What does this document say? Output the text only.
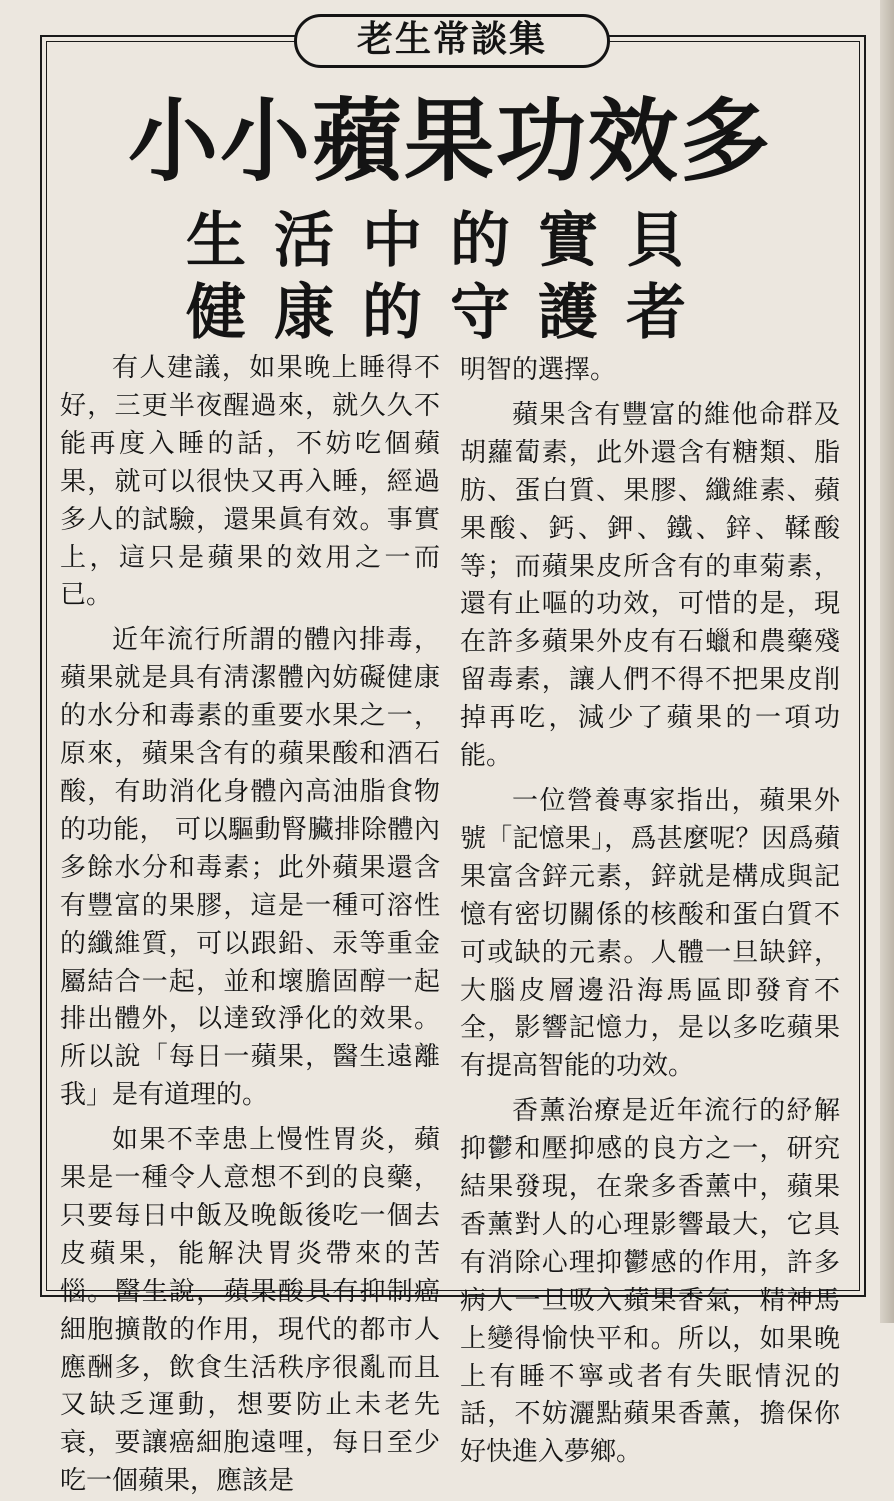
老生常談集
小小蘋果功效多
生活中的實貝
健康的守護者

有人建議，如果晚上睡得不好，三更半夜醒過來，就久久不能再度入睡的話，不妨吃個蘋果，就可以很快又再入睡，經過多人的試驗，還果眞有效。事實上，這只是蘋果的效用之一而已。

近年流行所謂的體內排毒，蘋果就是具有淸潔體內妨礙健康的水分和毒素的重要水果之一，原來，蘋果含有的蘋果酸和酒石酸，有助消化身體內高油脂食物的功能， 可以驅動腎臟排除體內多餘水分和毒素；此外蘋果還含有豐富的果膠，這是一種可溶性的纖維質，可以跟鉛、汞等重金屬結合一起，並和壞膽固醇一起排出體外，以達致淨化的效果。所以說「每日一蘋果，醫生遠離我」是有道理的。

如果不幸患上慢性胃炎，蘋果是一種令人意想不到的良藥，只要每日中飯及晚飯後吃一個去皮蘋果，能解決胃炎帶來的苦惱。醫生說，蘋果酸具有抑制癌細胞擴散的作用，現代的都市人應酬多，飲食生活秩序很亂而且又缺乏運動，想要防止未老先衰，要讓癌細胞遠哩，每日至少吃一個蘋果，應該是

明智的選擇。

蘋果含有豐富的維他命群及胡蘿蔔素，此外還含有糖類、脂肪、蛋白質、果膠、纖維素、蘋果酸、鈣、鉀、鐵、鋅、鞣酸等；而蘋果皮所含有的車菊素，還有止嘔的功效，可惜的是，現在許多蘋果外皮有石蠟和農藥殘留毒素，讓人們不得不把果皮削掉再吃，減少了蘋果的一項功能。

一位營養專家指出，蘋果外號「記憶果」，爲甚麼呢？因爲蘋果富含鋅元素，鋅就是構成與記憶有密切關係的核酸和蛋白質不可或缺的元素。人體一旦缺鋅，大腦皮層邊沿海馬區即發育不全，影響記憶力，是以多吃蘋果有提高智能的功效。

香薰治療是近年流行的紓解抑鬱和壓抑感的良方之一，研究結果發現，在衆多香薰中，蘋果香薰對人的心理影響最大，它具有消除心理抑鬱感的作用，許多病人一旦吸入蘋果香氣，精神馬上變得愉快平和。所以，如果晚上有睡不寧或者有失眠情況的話，不妨灑點蘋果香薰，擔保你好快進入夢鄉。
